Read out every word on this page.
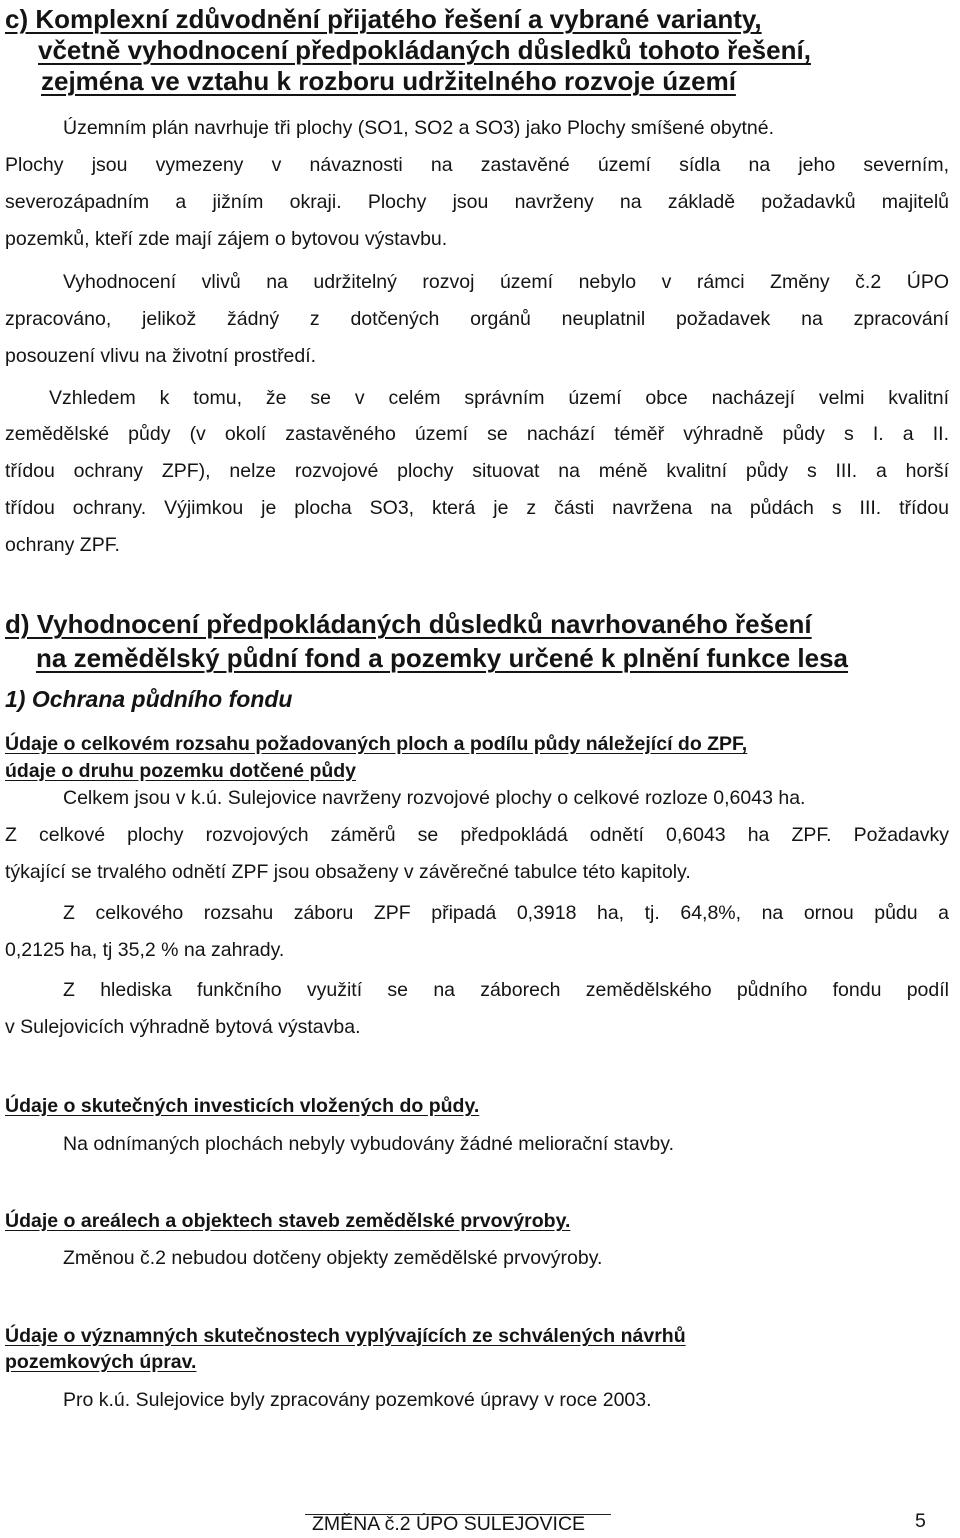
c) Komplexní zdůvodnění přijatého řešení a vybrané varianty,
včetně vyhodnocení předpokládaných důsledků tohoto řešení,
zejména ve vztahu k rozboru udržitelného rozvoje území
Územním plán navrhuje tři plochy (SO1, SO2 a SO3) jako Plochy smíšené obytné.
Plochy jsou vymezeny v návaznosti na zastavěné území sídla na jeho severním,
severozápadním a jižním okraji. Plochy jsou navrženy na základě požadavků majitelů
pozemků, kteří zde mají zájem o bytovou výstavbu.
Vyhodnocení vlivů na udržitelný rozvoj území nebylo v rámci Změny č.2 ÚPO
zpracováno, jelikož žádný z dotčených orgánů neuplatnil požadavek na zpracování
posouzení vlivu na životní prostředí.
Vzhledem k tomu, že se v celém správním území obce nacházejí velmi kvalitní
zemědělské půdy (v okolí zastavěného území se nachází téměř výhradně půdy s I. a II.
třídou ochrany ZPF), nelze rozvojové plochy situovat na méně kvalitní půdy s III. a horší
třídou ochrany. Výjimkou je plocha SO3, která je z části navržena na půdách s III. třídou
ochrany ZPF.
d) Vyhodnocení předpokládaných důsledků navrhovaného řešení
na zemědělský půdní fond a pozemky určené k plnění funkce lesa
1) Ochrana půdního fondu
Údaje o celkovém rozsahu požadovaných ploch a podílu půdy náležející do ZPF,
údaje o druhu pozemku dotčené půdy
Celkem jsou v k.ú. Sulejovice navrženy rozvojové plochy o celkové rozloze 0,6043 ha.
Z celkové plochy rozvojových záměrů se předpokládá odnětí 0,6043 ha ZPF. Požadavky
týkající se trvalého odnětí ZPF jsou obsaženy v závěrečné tabulce této kapitoly.
Z celkového rozsahu záboru ZPF připadá 0,3918 ha, tj. 64,8%, na ornou půdu a
0,2125 ha, tj 35,2 % na zahrady.
Z hlediska funkčního využití se na záborech zemědělského půdního fondu podíl
v Sulejovicích výhradně bytová výstavba.
Údaje o skutečných investicích vložených do půdy.
Na odnímaných plochách nebyly vybudovány žádné meliorační stavby.
Údaje o areálech a objektech staveb zemědělské prvovýroby.
Změnou č.2 nebudou dotčeny objekty zemědělské prvovýroby.
Údaje o významných skutečnostech vyplývajících ze schválených návrhů
pozemkových úprav.
Pro k.ú. Sulejovice byly zpracovány pozemkové úpravy v roce 2003.
ZMĚNA č.2 ÚPO SULEJOVICE	5
